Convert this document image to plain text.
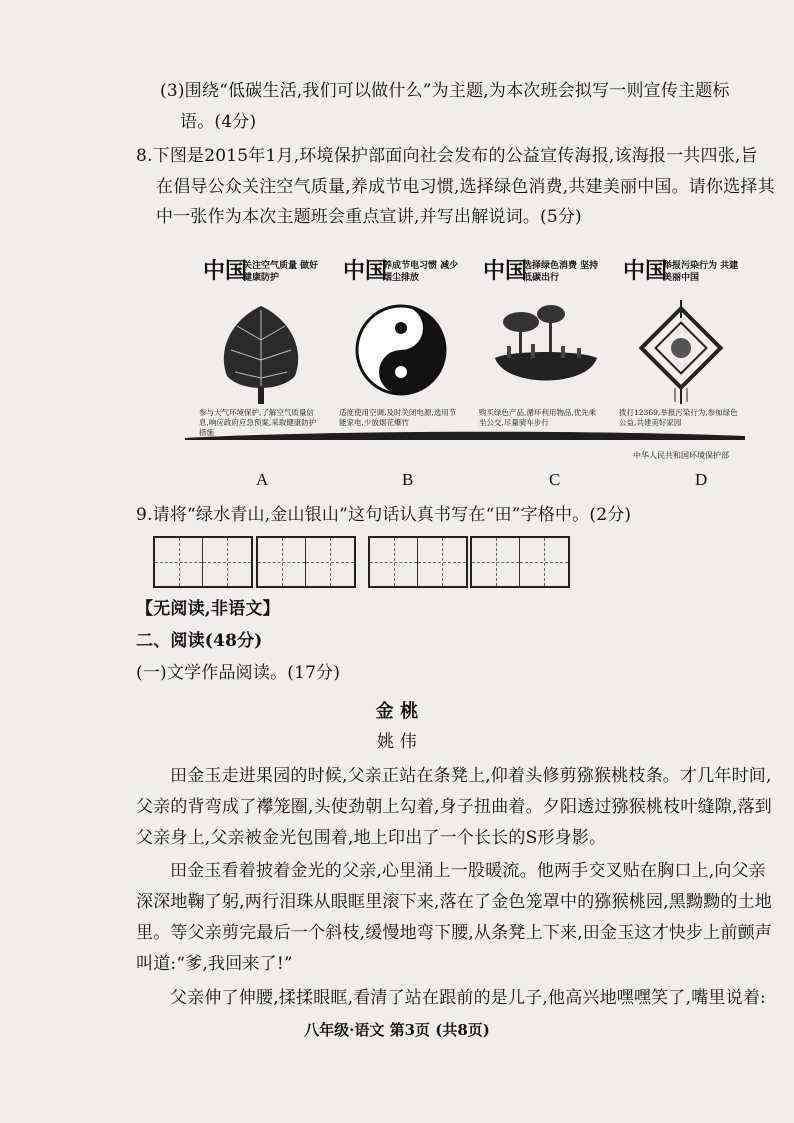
(3)围绕“低碳生活,我们可以做什么”为主题,为本次班会拟写一则宣传主题标
语。(4分)
8.下图是2015年1月,环境保护部面向社会发布的公益宣传海报,该海报一共四张,旨
在倡导公众关注空气质量,养成节电习惯,选择绿色消费,共建美丽中国。请你选择其
中一张作为本次主题班会重点宣讲,并写出解说词。(5分)
中国
关注空气质量 做好健康防护
参与大气环境保护,了解空气质量信息,响应政府应急预案,采取健康防护措施
中国
养成节电习惯 减少烟尘排放
适度使用空调,及时关闭电源,选用节能家电,少放烟花爆竹
中国
选择绿色消费 坚持低碳出行
购买绿色产品,循环利用物品,优先乘坐公交,尽量骑车步行
中国
举报污染行为 共建美丽中国
拨打12369,举报污染行为,参加绿色公益,共建美好家园
中华人民共和国环境保护部
A	B	C	D
9.请将“绿水青山,金山银山”这句话认真书写在“田”字格中。(2分)
【无阅读,非语文】
二、阅读(48分)
(一)文学作品阅读。(17分)
金 桃
姚 伟
田金玉走进果园的时候,父亲正站在条凳上,仰着头修剪猕猴桃枝条。才几年时间,
父亲的背弯成了襻笼圈,头使劲朝上勾着,身子扭曲着。夕阳透过猕猴桃枝叶缝隙,落到
父亲身上,父亲被金光包围着,地上印出了一个长长的S形身影。
田金玉看着披着金光的父亲,心里涌上一股暖流。他两手交叉贴在胸口上,向父亲
深深地鞠了躬,两行泪珠从眼眶里滚下来,落在了金色笼罩中的猕猴桃园,黑黝黝的土地
里。等父亲剪完最后一个斜枝,缓慢地弯下腰,从条凳上下来,田金玉这才快步上前颤声
叫道:“爹,我回来了!”
父亲伸了伸腰,揉揉眼眶,看清了站在跟前的是儿子,他高兴地嘿嘿笑了,嘴里说着:
八年级·语文 第3页 (共8页)
